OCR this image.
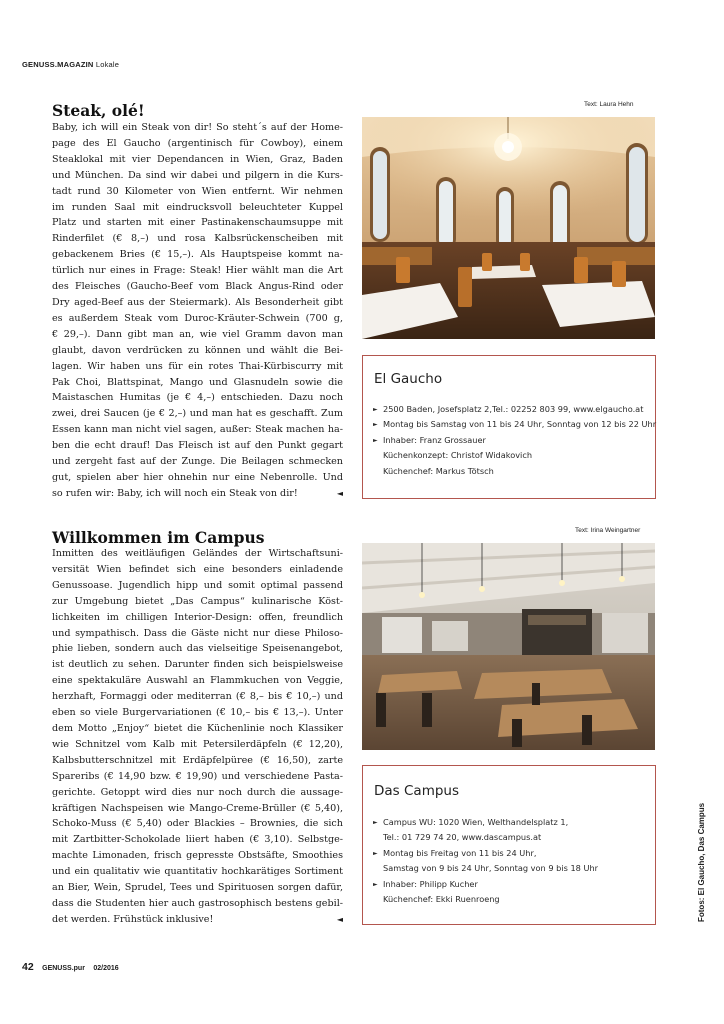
GENUSS.MAGAZIN Lokale
Steak, olé!	Text: Laura Hehn
Baby, ich will ein Steak von dir! So steht´s auf der Home-
page des El Gaucho (argentinisch für Cowboy), einem
Steaklokal mit vier Dependancen in Wien, Graz, Baden
und München. Da sind wir dabei und pilgern in die Kurs-
tadt rund 30 Kilometer von Wien entfernt. Wir nehmen
im runden Saal mit eindrucksvoll beleuchteter Kuppel
Platz und starten mit einer Pastinakenschaumsuppe mit
Rinderfilet (€ 8,–) und rosa Kalbsrückenscheiben mit
gebackenem Bries (€ 15,–). Als Hauptspeise kommt na-
türlich nur eines in Frage: Steak! Hier wählt man die Art
des Fleisches (Gaucho-Beef vom Black Angus-Rind oder
Dry aged-Beef aus der Steiermark). Als Besonderheit gibt
es außerdem Steak vom Duroc-Kräuter-Schwein (700 g,
€ 29,–). Dann gibt man an, wie viel Gramm davon man
glaubt, davon verdrücken zu können und wählt die Bei-
lagen. Wir haben uns für ein rotes Thai-Kürbiscurry mit
Pak Choi, Blattspinat, Mango und Glasnudeln sowie die
Maistaschen Humitas (je € 4,–) entschieden. Dazu noch
zwei, drei Saucen (je € 2,–) und man hat es geschafft. Zum
Essen kann man nicht viel sagen, außer: Steak machen ha-
ben die echt drauf! Das Fleisch ist auf den Punkt gegart
und zergeht fast auf der Zunge. Die Beilagen schmecken
gut, spielen aber hier ohnehin nur eine Nebenrolle. Und
so rufen wir: Baby, ich will noch ein Steak von dir!	◄
El Gaucho
► 2500 Baden, Josefsplatz 2,Tel.: 02252 803 99, www.elgaucho.at
► Montag bis Samstag von 11 bis 24 Uhr, Sonntag von 12 bis 22 Uhr
► Inhaber: Franz Grossauer
Küchenkonzept: Christof Widakovich
Küchenchef: Markus Tötsch
Willkommen im Campus	Text: Irina Weingartner
Inmitten des weitläufigen Geländes der Wirtschaftsuni-
versität Wien befindet sich eine besonders einladende
Genussoase. Jugendlich hipp und somit optimal passend
zur Umgebung bietet „Das Campus“ kulinarische Köst-
lichkeiten im chilligen Interior-Design: offen, freundlich
und sympathisch. Dass die Gäste nicht nur diese Philoso-
phie lieben, sondern auch das vielseitige Speisenangebot,
ist deutlich zu sehen. Darunter finden sich beispielsweise
eine spektakuläre Auswahl an Flammkuchen von Veggie,
herzhaft, Formaggi oder mediterran (€ 8,– bis € 10,–) und
eben so viele Burgervariationen (€ 10,– bis € 13,–). Unter
dem Motto „Enjoy“ bietet die Küchenlinie noch Klassiker
wie Schnitzel vom Kalb mit Petersilerdäpfeln (€ 12,20),
Kalbsbutterschnitzel mit Erdäpfelpüree (€ 16,50), zarte
Spareribs (€ 14,90 bzw. € 19,90) und verschiedene Pasta-
gerichte. Getoppt wird dies nur noch durch die aussage-
kräftigen Nachspeisen wie Mango-Creme-Brüller (€ 5,40),
Schoko-Muss (€ 5,40) oder Blackies – Brownies, die sich
mit Zartbitter-Schokolade liiert haben (€ 3,10). Selbstge-
machte Limonaden, frisch gepresste Obstsäfte, Smoothies
und ein qualitativ wie quantitativ hochkarätiges Sortiment
an Bier, Wein, Sprudel, Tees und Spirituosen sorgen dafür,
dass die Studenten hier auch gastrosophisch bestens gebil-
det werden. Frühstück inklusive!	◄
Das Campus
► Campus WU: 1020 Wien, Welthandelsplatz 1,
Tel.: 01 729 74 20, www.dascampus.at
► Montag bis Freitag von 11 bis 24 Uhr,
Samstag von 9 bis 24 Uhr, Sonntag von 9 bis 18 Uhr
► Inhaber: Philipp Kucher
Küchenchef: Ekki Ruenroeng	Fotos: El Gaucho, Das Campus
42 GENUSS.pur 02/2016
